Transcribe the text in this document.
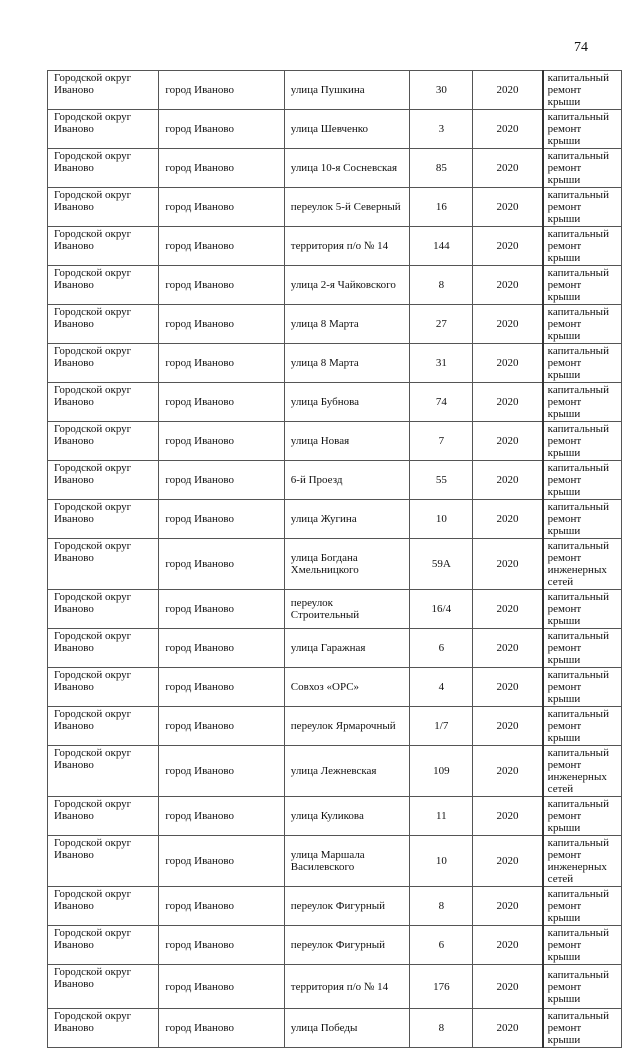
74
Городской округ Иваново	город Иваново	улица Пушкина	30	2020	капитальный ремонт крыши
Городской округ Иваново	город Иваново	улица Шевченко	3	2020	капитальный ремонт крыши
Городской округ Иваново	город Иваново	улица 10-я Сосневская	85	2020	капитальный ремонт крыши
Городской округ Иваново	город Иваново	переулок 5-й Северный	16	2020	капитальный ремонт крыши
Городской округ Иваново	город Иваново	территория п/о № 14	144	2020	капитальный ремонт крыши
Городской округ Иваново	город Иваново	улица 2-я Чайковского	8	2020	капитальный ремонт крыши
Городской округ Иваново	город Иваново	улица 8 Марта	27	2020	капитальный ремонт крыши
Городской округ Иваново	город Иваново	улица 8 Марта	31	2020	капитальный ремонт крыши
Городской округ Иваново	город Иваново	улица Бубнова	74	2020	капитальный ремонт крыши
Городской округ Иваново	город Иваново	улица Новая	7	2020	капитальный ремонт крыши
Городской округ Иваново	город Иваново	6-й Проезд	55	2020	капитальный ремонт крыши
Городской округ Иваново	город Иваново	улица Жугина	10	2020	капитальный ремонт крыши
Городской округ Иваново	город Иваново	улица Богдана Хмельницкого	59А	2020	капитальный ремонт инженерных сетей
Городской округ Иваново	город Иваново	переулок Строительный	16/4	2020	капитальный ремонт крыши
Городской округ Иваново	город Иваново	улица Гаражная	6	2020	капитальный ремонт крыши
Городской округ Иваново	город Иваново	Совхоз «ОРС»	4	2020	капитальный ремонт крыши
Городской округ Иваново	город Иваново	переулок Ярмарочный	1/7	2020	капитальный ремонт крыши
Городской округ Иваново	город Иваново	улица Лежневская	109	2020	капитальный ремонт инженерных сетей
Городской округ Иваново	город Иваново	улица Куликова	11	2020	капитальный ремонт крыши
Городской округ Иваново	город Иваново	улица Маршала Василевского	10	2020	капитальный ремонт инженерных сетей
Городской округ Иваново	город Иваново	переулок Фигурный	8	2020	капитальный ремонт крыши
Городской округ Иваново	город Иваново	переулок Фигурный	6	2020	капитальный ремонт крыши
Городской округ Иваново	город Иваново	территория п/о № 14	176	2020	капитальный ремонт крыши
Городской округ Иваново	город Иваново	улица Победы	8	2020	капитальный ремонт крыши
